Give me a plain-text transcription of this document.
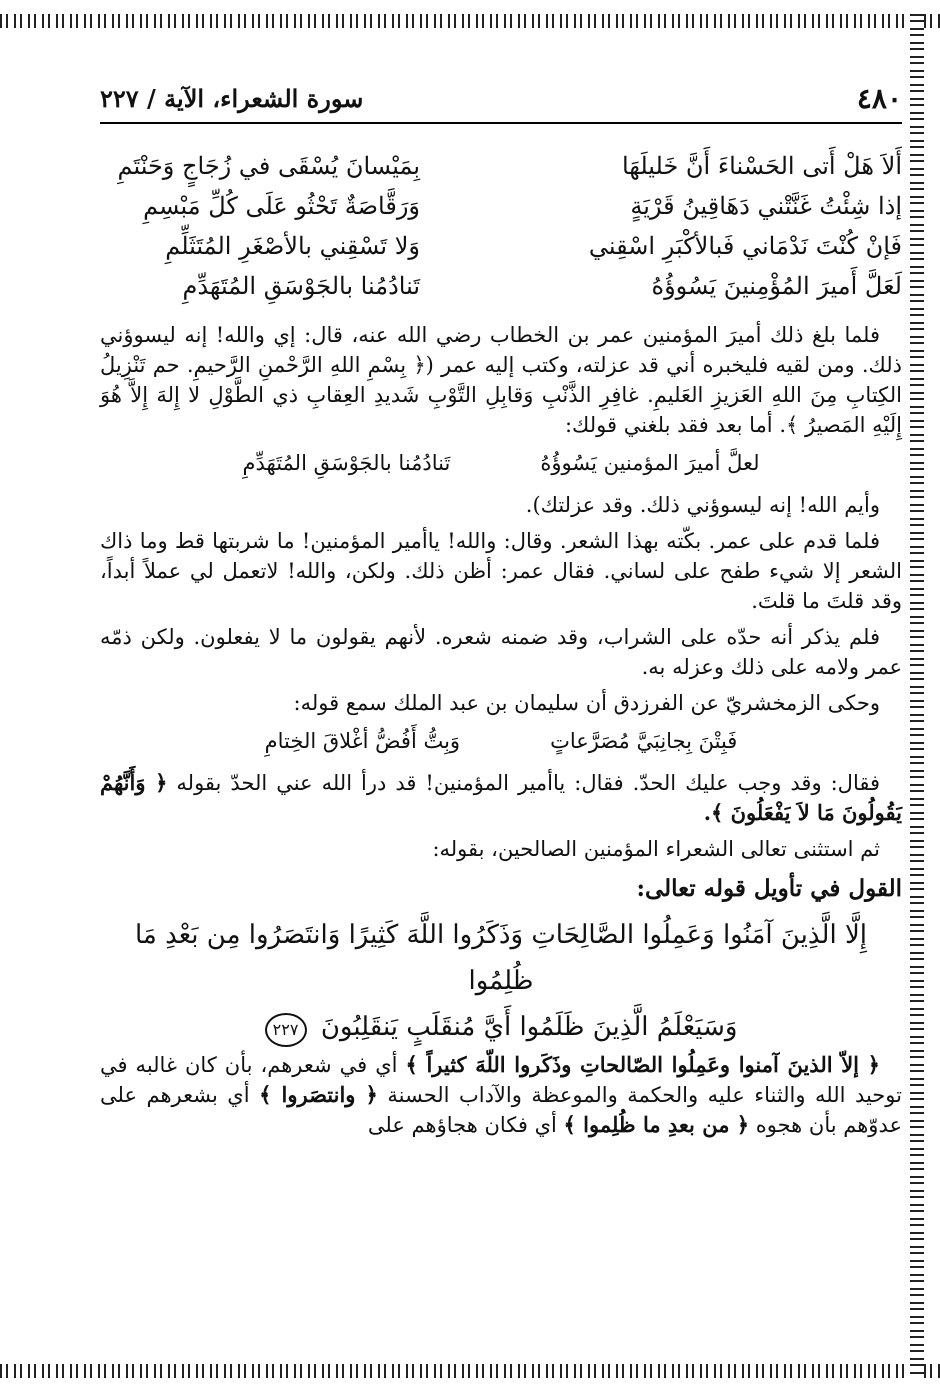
٤٨٠
سورة الشعراء، الآية / ٢٢٧
أَلاَ هَلْ أَتى الحَسْناءَ أَنَّ خَليلَهَا
بِمَيْسانَ يُسْقَى في زُجَاجٍ وَحَنْتَمِ
إذا شِئْتُ غَنَّتْني دَهَاقِينُ قَرْيَةٍ
وَرَقَّاصَةٌ تَحْثُو عَلَى كُلِّ مَبْسِمِ
فَإنْ كُنْتَ نَدْمَاني فَبالأكْبَرِ اسْقِني
وَلا تَسْقِني بالأصْغَرِ المُتَثَلِّمِ
لَعَلَّ أَميرَ المُؤْمِنينَ يَسُوؤُهُ
تَنادُمُنا بالجَوْسَقِ المُتَهَدِّمِ

فلما بلغ ذلك أميرَ المؤمنين عمر بن الخطاب رضي الله عنه، قال: إي والله! إنه ليسوؤني ذلك. ومن لقيه فليخبره أني قد عزلته، وكتب إليه عمر (﴿ بِسْمِ اللهِ الرَّحْمنِ الرَّحيمِ. حم تَنْزِيلُ الكِتابِ مِنَ اللهِ العَزيزِ العَليمِ. غافِرِ الذَّنْبِ وَقابِلِ التَّوْبِ شَديدِ العِقابِ ذي الطَّوْلِ لا إِلهَ إِلاَّ هُوَ إِلَيْهِ المَصيرُ ﴾. أما بعد فقد بلغني قولك:

لعلَّ أميرَ المؤمنين يَسُوؤُهُ
تَنادُمُنا بالجَوْسَقِ المُتَهَدِّمِ

وأيم الله! إنه ليسوؤني ذلك. وقد عزلتك).

فلما قدم على عمر. بكّته بهذا الشعر. وقال: والله! ياأمير المؤمنين! ما شربتها قط وما ذاك الشعر إلا شيء طفح على لساني. فقال عمر: أظن ذلك. ولكن، والله! لاتعمل لي عملاً أبداً، وقد قلتَ ما قلتَ.

فلم يذكر أنه حدّه على الشراب، وقد ضمنه شعره. لأنهم يقولون ما لا يفعلون. ولكن ذمّه عمر ولامه على ذلك وعزله به.

وحكى الزمخشريّ عن الفرزدق أن سليمان بن عبد الملك سمع قوله:

فَبِتْنَ بِجانِبَيَّ مُصَرَّعاتٍ
وَبِتُّ أَفُضُّ أغْلاقَ الخِتامِ

فقال: وقد وجب عليك الحدّ. فقال: ياأمير المؤمنين! قد درأ الله عني الحدّ بقوله ﴿ وَأَنَّهُمْ يَقُولُونَ مَا لاَ يَفْعَلُونَ ﴾.

ثم استثنى تعالى الشعراء المؤمنين الصالحين، بقوله:

القول في تأويل قوله تعالى:

إِلَّا الَّذِينَ آمَنُوا وَعَمِلُوا الصَّالِحَاتِ وَذَكَرُوا اللَّهَ كَثِيرًا وَانتَصَرُوا مِن بَعْدِ مَا ظُلِمُوا

وَسَيَعْلَمُ الَّذِينَ ظَلَمُوا أَيَّ مُنقَلَبٍ يَنقَلِبُونَ ٢٢٧

﴿ إلاّ الذينَ آمنوا وعَمِلُوا الصّالحاتِ وذَكَروا اللّهَ كثيراً ﴾ أي في شعرهم، بأن كان غالبه في توحيد الله والثناء عليه والحكمة والموعظة والآداب الحسنة ﴿ وانتصَروا ﴾ أي بشعرهم على عدوّهم بأن هجوه ﴿ من بعدِ ما ظُلِموا ﴾ أي فكان هجاؤهم على
